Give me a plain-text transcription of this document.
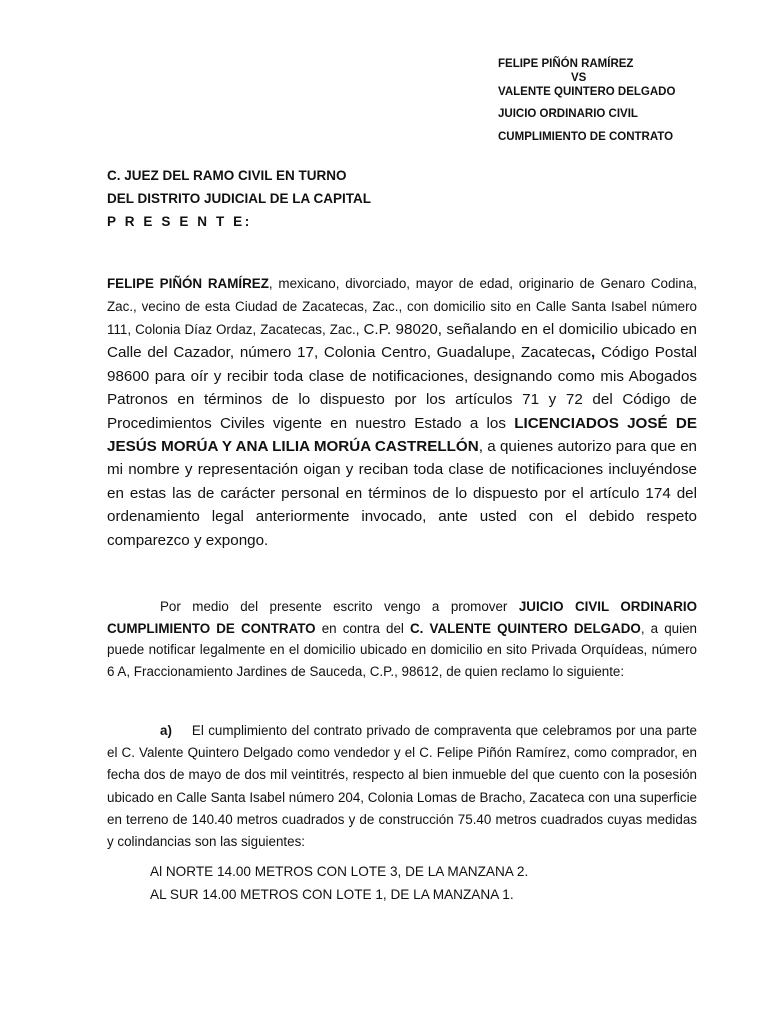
FELIPE PIÑÓN RAMÍREZ
VS
VALENTE QUINTERO DELGADO
JUICIO ORDINARIO CIVIL
CUMPLIMIENTO DE CONTRATO
C. JUEZ DEL RAMO CIVIL EN TURNO
DEL DISTRITO JUDICIAL DE LA CAPITAL
P R E S E N T E:

FELIPE PIÑÓN RAMÍREZ, mexicano, divorciado, mayor de edad, originario de Genaro Codina, Zac., vecino de esta Ciudad de Zacatecas, Zac., con domicilio sito en Calle Santa Isabel número 111, Colonia Díaz Ordaz, Zacatecas, Zac., C.P. 98020, señalando en el domicilio ubicado en Calle del Cazador, número 17, Colonia Centro, Guadalupe, Zacatecas, Código Postal 98600 para oír y recibir toda clase de notificaciones, designando como mis Abogados Patronos en términos de lo dispuesto por los artículos 71 y 72 del Código de Procedimientos Civiles vigente en nuestro Estado a los LICENCIADOS JOSÉ DE JESÚS MORÚA Y ANA LILIA MORÚA CASTRELLÓN, a quienes autorizo para que en mi nombre y representación oigan y reciban toda clase de notificaciones incluyéndose en estas las de carácter personal en términos de lo dispuesto por el artículo 174 del ordenamiento legal anteriormente invocado, ante usted con el debido respeto comparezco y expongo.

Por medio del presente escrito vengo a promover JUICIO CIVIL ORDINARIO CUMPLIMIENTO DE CONTRATO en contra del C. VALENTE QUINTERO DELGADO, a quien puede notificar legalmente en el domicilio ubicado en domicilio en sito Privada Orquídeas, número 6 A, Fraccionamiento Jardines de Sauceda, C.P., 98612, de quien reclamo lo siguiente:

a) El cumplimiento del contrato privado de compraventa que celebramos por una parte el C. Valente Quintero Delgado como vendedor y el C. Felipe Piñón Ramírez, como comprador, en fecha dos de mayo de dos mil veintitrés, respecto al bien inmueble del que cuento con la posesión ubicado en Calle Santa Isabel número 204, Colonia Lomas de Bracho, Zacateca con una superficie en terreno de 140.40 metros cuadrados y de construcción 75.40 metros cuadrados cuyas medidas y colindancias son las siguientes:

Al NORTE 14.00 METROS CON LOTE 3, DE LA MANZANA 2.
AL SUR 14.00 METROS CON LOTE 1, DE LA MANZANA 1.
